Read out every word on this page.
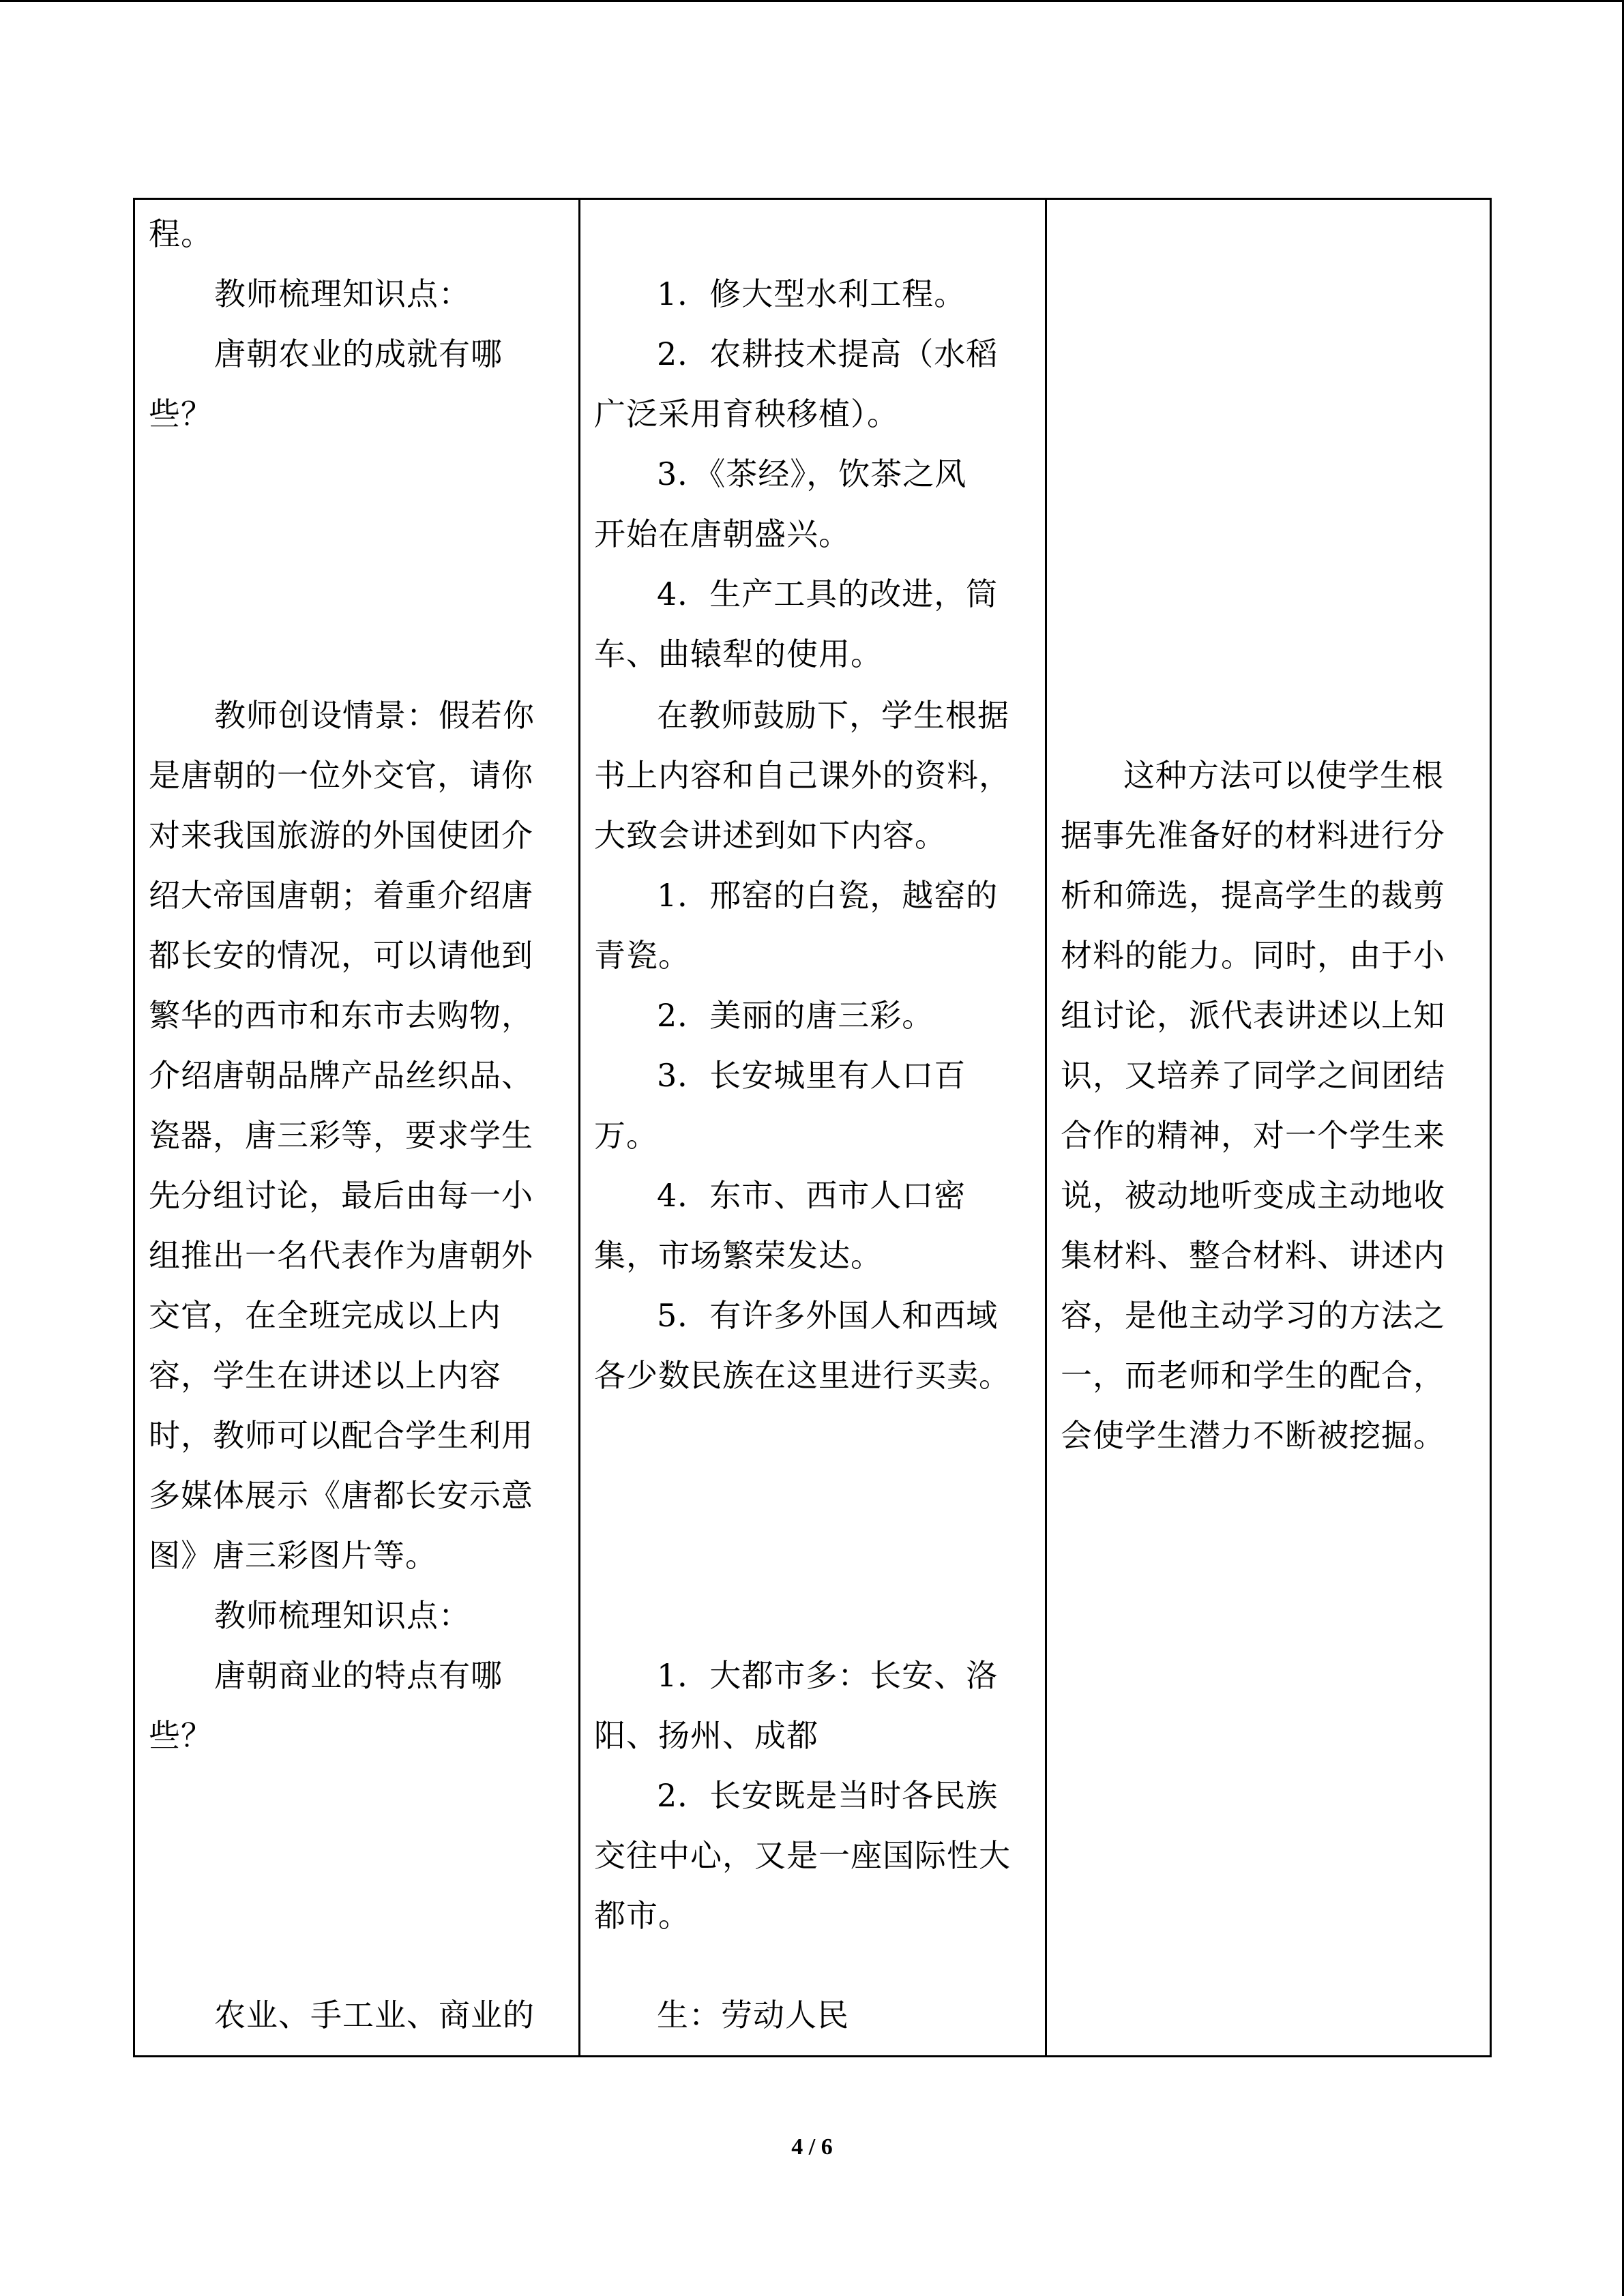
程。
教师梳理知识点：
唐朝农业的成就有哪
些？
教师创设情景：假若你
是唐朝的一位外交官，请你
对来我国旅游的外国使团介
绍大帝国唐朝；着重介绍唐
都长安的情况，可以请他到
繁华的西市和东市去购物，
介绍唐朝品牌产品丝织品、
瓷器，唐三彩等，要求学生
先分组讨论，最后由每一小
组推出一名代表作为唐朝外
交官，在全班完成以上内
容，学生在讲述以上内容
时，教师可以配合学生利用
多媒体展示《唐都长安示意
图》唐三彩图片等。
教师梳理知识点：
唐朝商业的特点有哪
些？
农业、手工业、商业的
1．修大型水利工程。
2．农耕技术提高（水稻
广泛采用育秧移植）。
3．《茶经》，饮茶之风
开始在唐朝盛兴。
4．生产工具的改进，筒
车、曲辕犁的使用。
在教师鼓励下，学生根据
书上内容和自己课外的资料，
大致会讲述到如下内容。
1．邢窑的白瓷，越窑的
青瓷。
2．美丽的唐三彩。
3．长安城里有人口百
万。
4．东市、西市人口密
集，市场繁荣发达。
5．有许多外国人和西域
各少数民族在这里进行买卖。
1．大都市多：长安、洛
阳、扬州、成都
2．长安既是当时各民族
交往中心，又是一座国际性大
都市。
生：劳动人民
这种方法可以使学生根
据事先准备好的材料进行分
析和筛选，提高学生的裁剪
材料的能力。同时，由于小
组讨论，派代表讲述以上知
识，又培养了同学之间团结
合作的精神，对一个学生来
说，被动地听变成主动地收
集材料、整合材料、讲述内
容，是他主动学习的方法之
一，而老师和学生的配合，
会使学生潜力不断被挖掘。
4 / 6
